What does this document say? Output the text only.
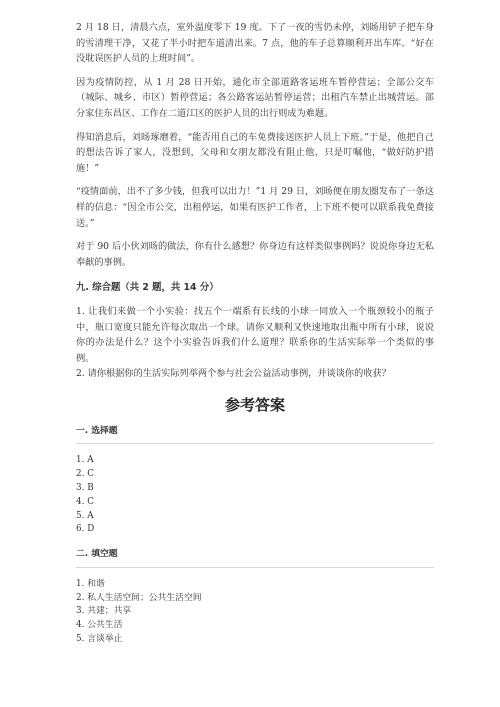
2 月 18 日，清晨六点，室外温度零下 19 度。下了一夜的雪仍未停，刘旸用铲子把车身的雪清理干净，又花了半小时把车道清出来。7 点，他的车子总算顺利开出车库。“好在没耽误医护人员的上班时间”。

因为疫情防控，从 1 月 28 日开始，通化市全部道路客运班车暂停营运；全部公交车（城际、城乡、市区）暂停营运；各公路客运站暂停运营；出租汽车禁止出城营运。部分家住东昌区、工作在二道江区的医护人员的出行则成为难题。

得知消息后，刘旸琢磨着，“能否用自己的车免费接送医护人员上下班。”于是，他把自己的想法告诉了家人，没想到，父母和女朋友都没有阻止他，只是叮嘱他，“做好防护措施！”

“疫情面前，出不了多少钱，但我可以出力！”1 月 29 日，刘旸便在朋友圈发布了一条这样的信息：“因全市公交，出租停运，如果有医护工作者，上下班不便可以联系我免费接送。”

对于 90 后小伙刘旸的做法，你有什么感想？你身边有这样类似事例吗？说说你身边无私奉献的事例。

九. 综合题（共 2 题，共 14 分）

1. 让我们来做一个小实验：找五个一端系有长线的小球一同放入一个瓶颈较小的瓶子中，瓶口宽度只能允许每次取出一个球。请你又顺利又快速地取出瓶中所有小球，说说你的办法是什么？这个小实验告诉我们什么道理？联系你的生活实际举一个类似的事例。

2. 请你根据你的生活实际列举两个参与社会公益活动事例，并谈谈你的收获？

参考答案
一. 选择题
1. A
2. C
3. B
4. C
5. A
6. D
二. 填空题
1. 和谐
2. 私人生活空间；公共生活空间
3. 共建；共享
4. 公共生活
5. 言谈举止
